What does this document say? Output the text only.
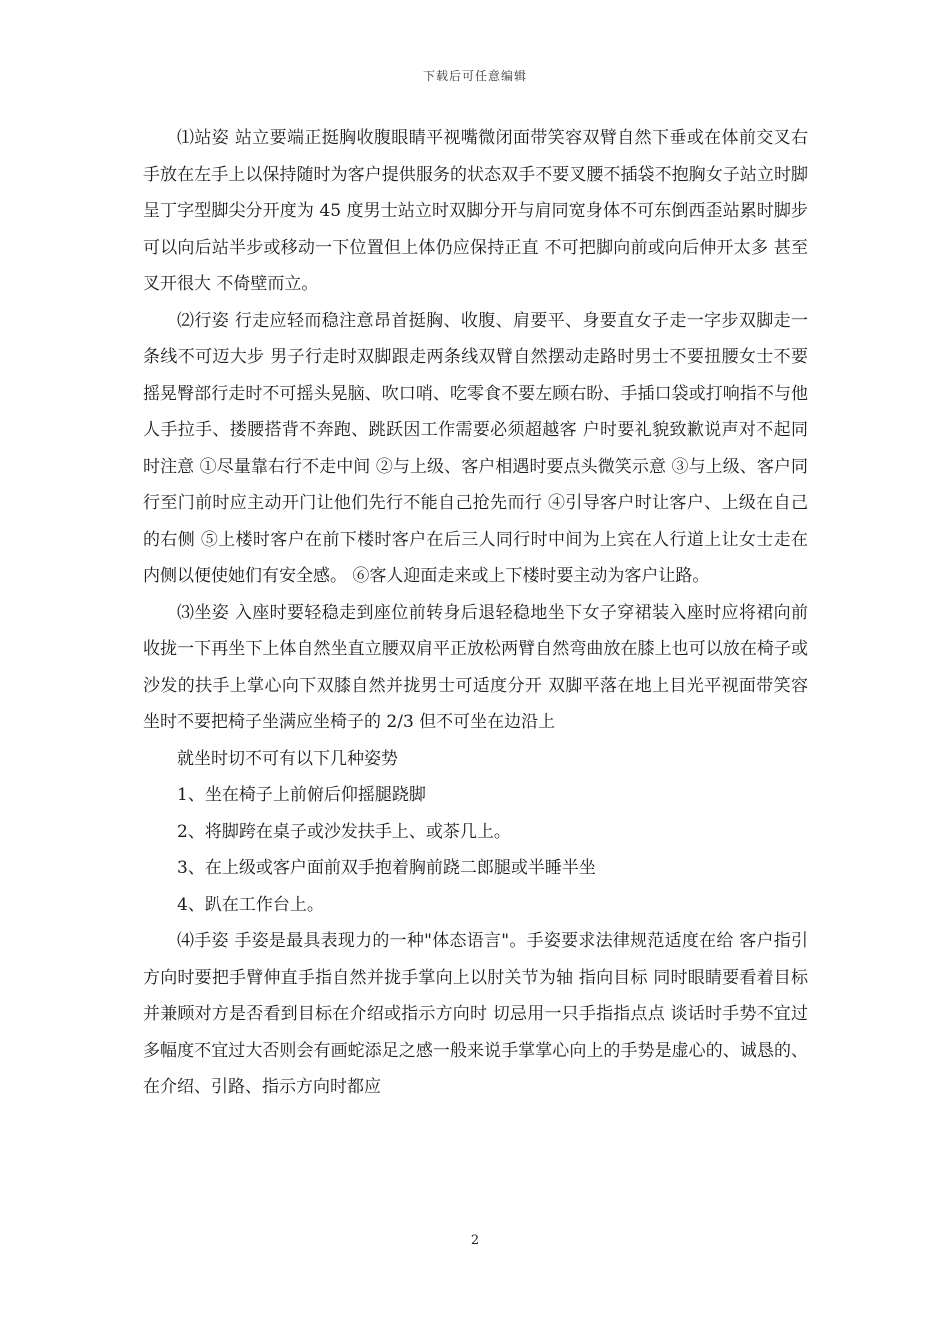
下载后可任意编辑

⑴站姿 站立要端正挺胸收腹眼睛平视嘴微闭面带笑容双臂自然下垂或在体前交叉右手放在左手上以保持随时为客户提供服务的状态双手不要叉腰不插袋不抱胸女子站立时脚呈丁字型脚尖分开度为 45 度男士站立时双脚分开与肩同宽身体不可东倒西歪站累时脚步可以向后站半步或移动一下位置但上体仍应保持正直 不可把脚向前或向后伸开太多 甚至叉开很大 不倚壁而立。

⑵行姿 行走应轻而稳注意昂首挺胸、收腹、肩要平、身要直女子走一字步双脚走一条线不可迈大步 男子行走时双脚跟走两条线双臂自然摆动走路时男士不要扭腰女士不要摇晃臀部行走时不可摇头晃脑、吹口哨、吃零食不要左顾右盼、手插口袋或打响指不与他人手拉手、搂腰搭背不奔跑、跳跃因工作需要必须超越客 户时要礼貌致歉说声对不起同时注意 ①尽量靠右行不走中间 ②与上级、客户相遇时要点头微笑示意 ③与上级、客户同行至门前时应主动开门让他们先行不能自己抢先而行 ④引导客户时让客户、上级在自己的右侧 ⑤上楼时客户在前下楼时客户在后三人同行时中间为上宾在人行道上让女士走在内侧以便使她们有安全感。 ⑥客人迎面走来或上下楼时要主动为客户让路。

⑶坐姿 入座时要轻稳走到座位前转身后退轻稳地坐下女子穿裙装入座时应将裙向前收拢一下再坐下上体自然坐直立腰双肩平正放松两臂自然弯曲放在膝上也可以放在椅子或沙发的扶手上掌心向下双膝自然并拢男士可适度分开 双脚平落在地上目光平视面带笑容坐时不要把椅子坐满应坐椅子的 2/3 但不可坐在边沿上

就坐时切不可有以下几种姿势

1、坐在椅子上前俯后仰摇腿跷脚

2、将脚跨在桌子或沙发扶手上、或茶几上。

3、在上级或客户面前双手抱着胸前跷二郎腿或半睡半坐

4、趴在工作台上。

⑷手姿 手姿是最具表现力的一种"体态语言"。手姿要求法律规范适度在给 客户指引方向时要把手臂伸直手指自然并拢手掌向上以肘关节为轴 指向目标 同时眼睛要看着目标 并兼顾对方是否看到目标在介绍或指示方向时 切忌用一只手指指点点 谈话时手势不宜过多幅度不宜过大否则会有画蛇添足之感一般来说手掌掌心向上的手势是虚心的、诚恳的、在介绍、引路、指示方向时都应

2
